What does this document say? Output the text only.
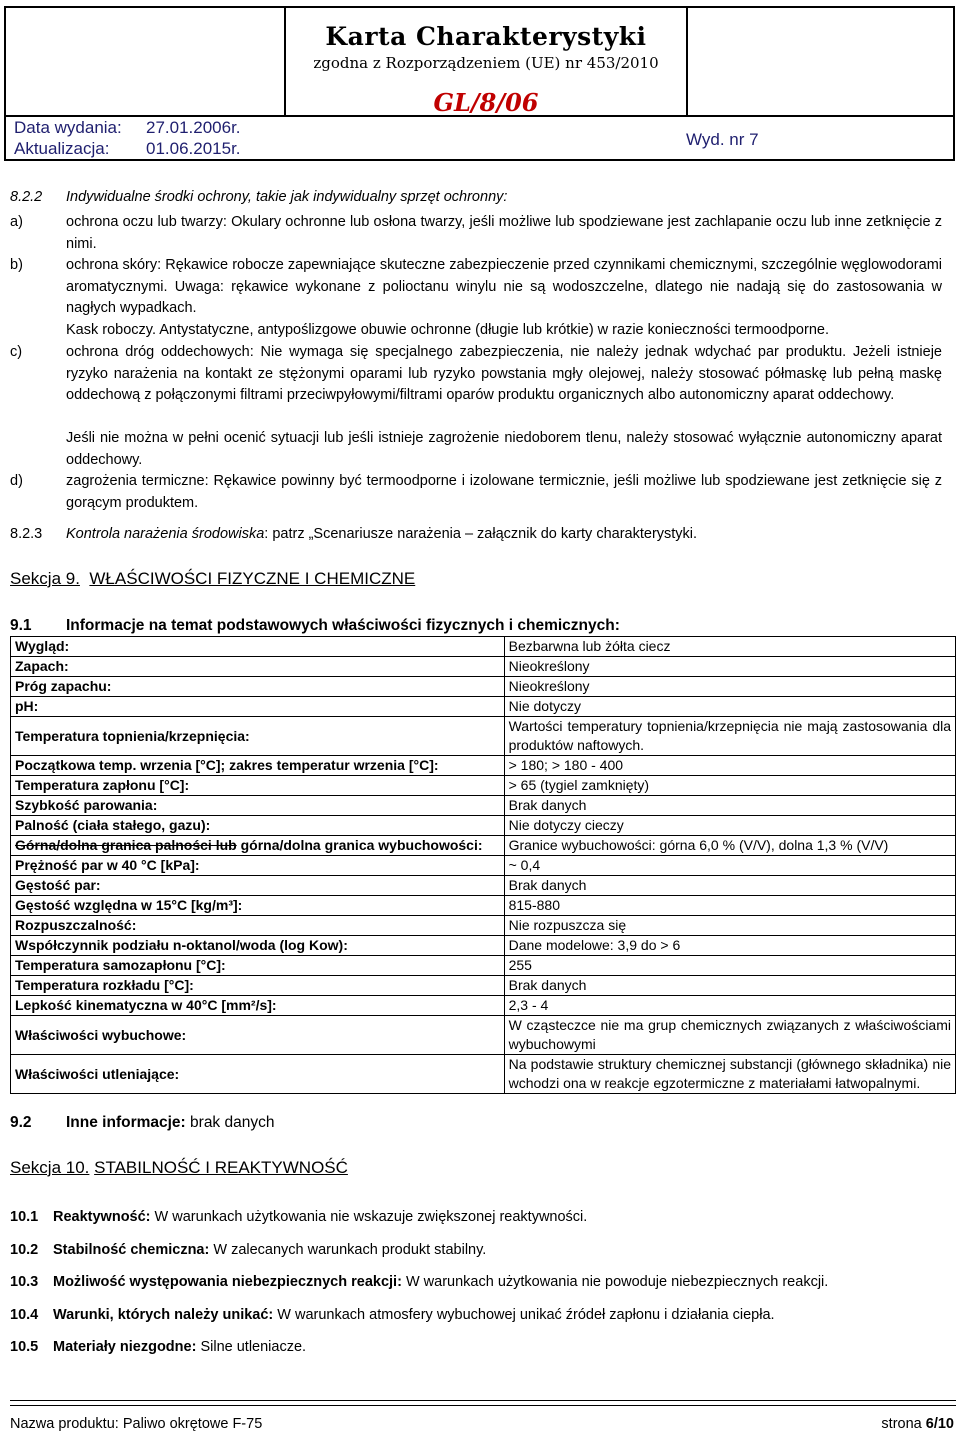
Karta Charakterystyki
zgodna z Rozporządzeniem (UE) nr 453/2010
GL/8/06
Data wydania: 27.01.2006r.
Aktualizacja: 01.06.2015r.	Wyd. nr 7
8.2.2 Indywidualne środki ochrony, takie jak indywidualny sprzęt ochronny:
a)	ochrona oczu lub twarzy: Okulary ochronne lub osłona twarzy, jeśli możliwe lub spodziewane jest zachlapanie oczu lub inne zetknięcie z nimi.
b)	ochrona skóry: Rękawice robocze zapewniające skuteczne zabezpieczenie przed czynnikami chemicznymi, szczególnie węglowodorami aromatycznymi. Uwaga: rękawice wykonane z polioctanu winylu nie są wodoszczelne, dlatego nie nadają się do zastosowania w nagłych wypadkach.
Kask roboczy. Antystatyczne, antypoślizgowe obuwie ochronne (długie lub krótkie) w razie konieczności termoodporne.
c)	ochrona dróg oddechowych: Nie wymaga się specjalnego zabezpieczenia, nie należy jednak wdychać par produktu. Jeżeli istnieje ryzyko narażenia na kontakt ze stężonymi oparami lub ryzyko powstania mgły olejowej, należy stosować półmaskę lub pełną maskę oddechową z połączonymi filtrami przeciwpyłowymi/filtrami oparów produktu organicznych albo autonomiczny aparat oddechowy.
Jeśli nie można w pełni ocenić sytuacji lub jeśli istnieje zagrożenie niedoborem tlenu, należy stosować wyłącznie autonomiczny aparat oddechowy.
d)	zagrożenia termiczne: Rękawice powinny być termoodporne i izolowane termicznie, jeśli możliwe lub spodziewane jest zetknięcie się z gorącym produktem.
8.2.3 Kontrola narażenia środowiska: patrz „Scenariusze narażenia – załącznik do karty charakterystyki.
Sekcja 9. WŁAŚCIWOŚCI FIZYCZNE I CHEMICZNE
9.1 Informacje na temat podstawowych właściwości fizycznych i chemicznych:
Wygląd:	Bezbarwna lub żółta ciecz
Zapach:	Nieokreślony
Próg zapachu:	Nieokreślony
pH:	Nie dotyczy
Temperatura topnienia/krzepnięcia:	Wartości temperatury topnienia/krzepnięcia nie mają zastosowania dla produktów naftowych.
Początkowa temp. wrzenia [°C]; zakres temperatur wrzenia [°C]:	> 180; > 180 - 400
Temperatura zapłonu [°C]:	> 65 (tygiel zamknięty)
Szybkość parowania:	Brak danych
Palność (ciała stałego, gazu):	Nie dotyczy cieczy
Górna/dolna granica palności lub górna/dolna granica wybuchowości:	Granice wybuchowości: górna 6,0 % (V/V), dolna 1,3 % (V/V)
Prężność par w 40 °C [kPa]:	~ 0,4
Gęstość par:	Brak danych
Gęstość względna w 15°C [kg/m³]:	815-880
Rozpuszczalność:	Nie rozpuszcza się
Współczynnik podziału n-oktanol/woda (log Kow):	Dane modelowe: 3,9 do > 6
Temperatura samozapłonu [°C]:	255
Temperatura rozkładu [°C]:	Brak danych
Lepkość kinematyczna w 40°C [mm²/s]:	2,3 - 4
Właściwości wybuchowe:	W cząsteczce nie ma grup chemicznych związanych z właściwościami wybuchowymi
Właściwości utleniające:	Na podstawie struktury chemicznej substancji (głównego składnika) nie wchodzi ona w reakcje egzotermiczne z materiałami łatwopalnymi.
9.2 Inne informacje: brak danych
Sekcja 10. STABILNOŚĆ I REAKTYWNOŚĆ
10.1 Reaktywność: W warunkach użytkowania nie wskazuje zwiększonej reaktywności.
10.2 Stabilność chemiczna: W zalecanych warunkach produkt stabilny.
10.3 Możliwość występowania niebezpiecznych reakcji: W warunkach użytkowania nie powoduje niebezpiecznych reakcji.
10.4 Warunki, których należy unikać: W warunkach atmosfery wybuchowej unikać źródeł zapłonu i działania ciepła.
10.5 Materiały niezgodne: Silne utleniacze.
Nazwa produktu: Paliwo okrętowe F-75	strona 6/10
